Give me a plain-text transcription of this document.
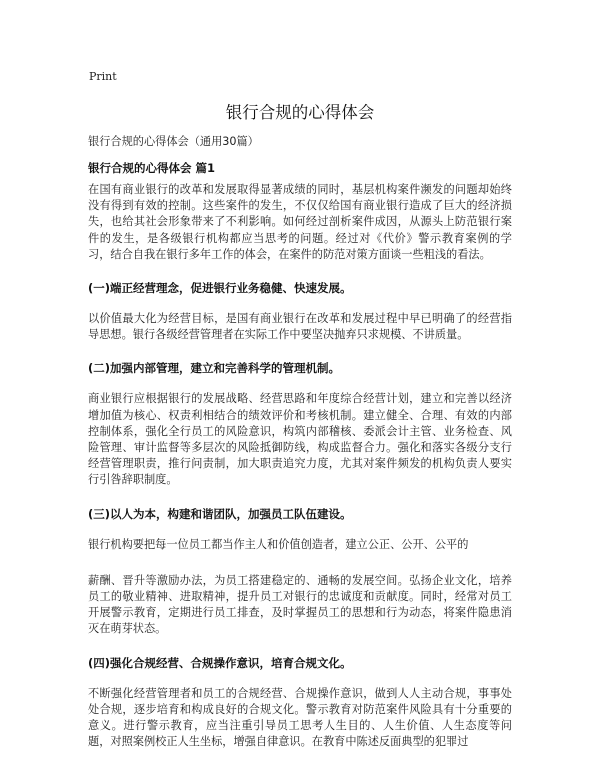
Print
银行合规的心得体会
银行合规的心得体会（通用30篇）
银行合规的心得体会 篇1

在国有商业银行的改革和发展取得显著成绩的同时，基层机构案件濒发的问题却始终没有得到有效的控制。这些案件的发生，不仅仅给国有商业银行造成了巨大的经济损失，也给其社会形象带来了不利影响。如何经过剖析案件成因，从源头上防范银行案件的发生，是各级银行机构都应当思考的问题。经过对《代价》警示教育案例的学习，结合自我在银行多年工作的体会，在案件的防范对策方面谈一些粗浅的看法。

(一)端正经营理念，促进银行业务稳健、快速发展。

以价值最大化为经营目标，是国有商业银行在改革和发展过程中早已明确了的经营指导思想。银行各级经营管理者在实际工作中要坚决抛弃只求规模、不讲质量。

(二)加强内部管理，建立和完善科学的管理机制。

商业银行应根据银行的发展战略、经营思路和年度综合经营计划，建立和完善以经济增加值为核心、权责利相结合的绩效评价和考核机制。建立健全、合理、有效的内部控制体系，强化全行员工的风险意识，构筑内部稽核、委派会计主管、业务检查、风险管理、审计监督等多层次的风险抵御防线，构成监督合力。强化和落实各级分支行经营管理职责，推行问责制，加大职责追究力度，尤其对案件频发的机构负责人要实行引咎辞职制度。

(三)以人为本，构建和谐团队，加强员工队伍建设。

银行机构要把每一位员工都当作主人和价值创造者，建立公正、公开、公平的

薪酬、晋升等激励办法，为员工搭建稳定的、通畅的发展空间。弘扬企业文化，培养员工的敬业精神、进取精神，提升员工对银行的忠诚度和贡献度。同时，经常对员工开展警示教育，定期进行员工排查，及时掌握员工的思想和行为动态，将案件隐患消灭在萌芽状态。

(四)强化合规经营、合规操作意识，培育合规文化。

不断强化经营管理者和员工的合规经营、合规操作意识，做到人人主动合规，事事处处合规，逐步培育和构成良好的合规文化。警示教育对防范案件风险具有十分重要的意义。进行警示教育，应当注重引导员工思考人生目的、人生价值、人生态度等问题，对照案例校正人生坐标，增强自律意识。在教育中陈述反面典型的犯罪过
